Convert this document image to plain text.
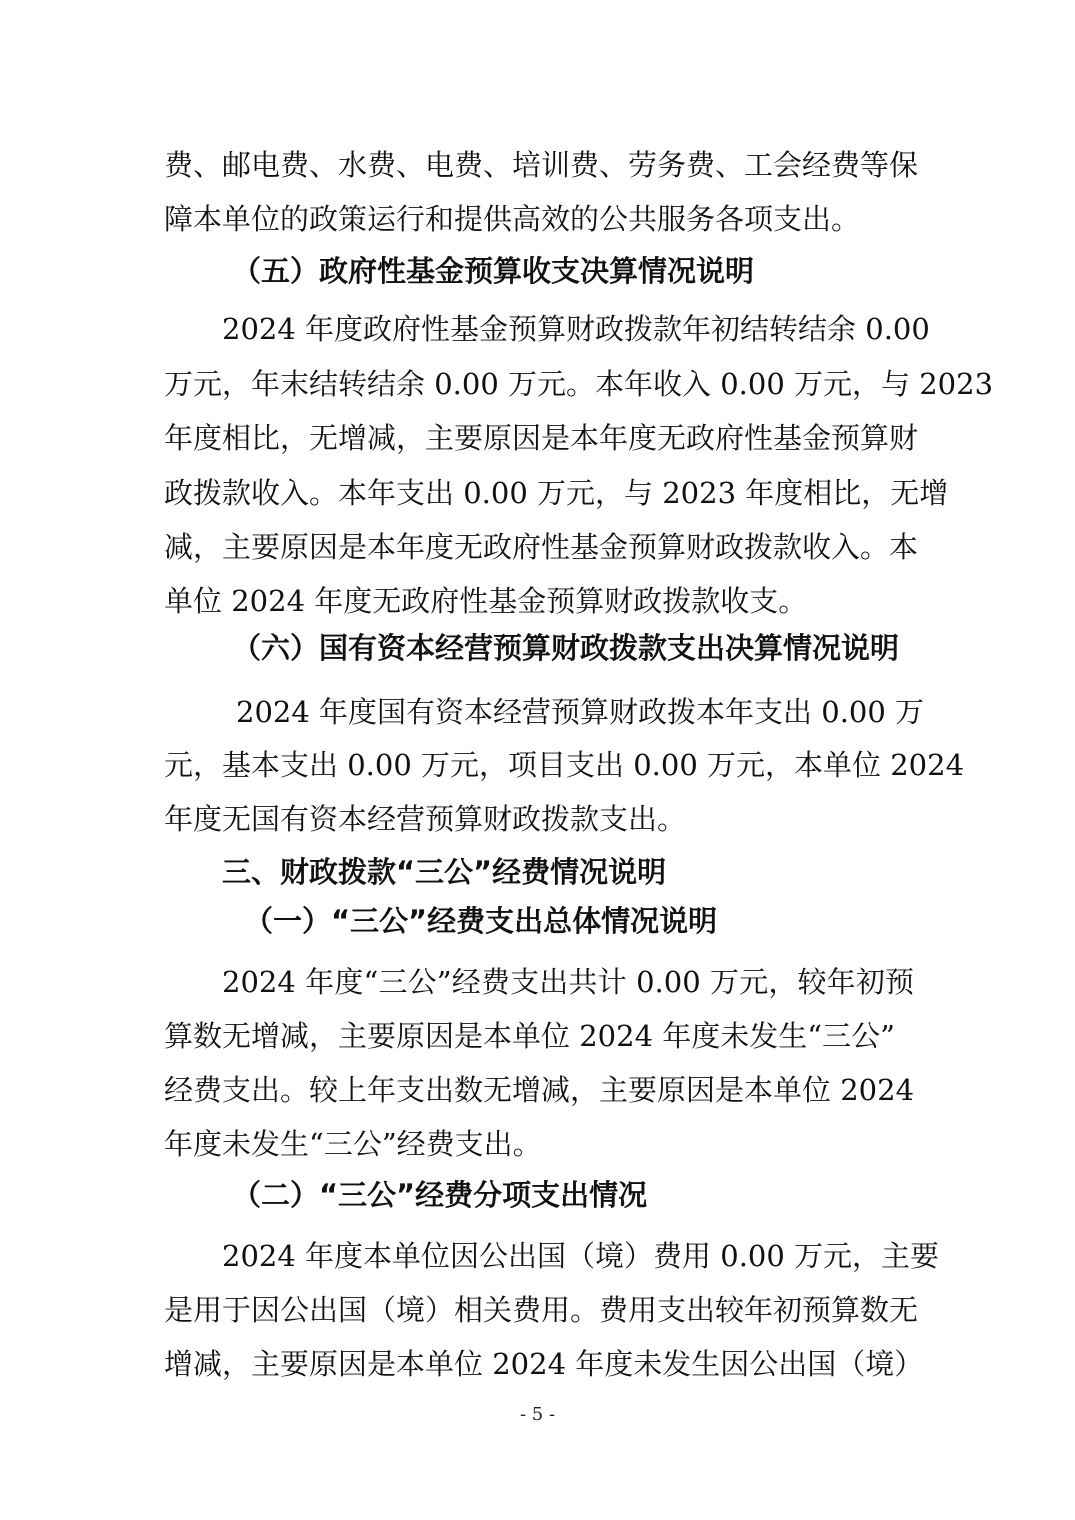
费、邮电费、水费、电费、培训费、劳务费、工会经费等保
障本单位的政策运行和提供高效的公共服务各项支出。
（五）政府性基金预算收支决算情况说明
2024 年度政府性基金预算财政拨款年初结转结余 0.00
万元，年末结转结余 0.00 万元。本年收入 0.00 万元，与 2023
年度相比，无增减，主要原因是本年度无政府性基金预算财
政拨款收入。本年支出 0.00 万元，与 2023 年度相比，无增
减，主要原因是本年度无政府性基金预算财政拨款收入。本
单位 2024 年度无政府性基金预算财政拨款收支。
（六）国有资本经营预算财政拨款支出决算情况说明
2024 年度国有资本经营预算财政拨本年支出 0.00 万
元，基本支出 0.00 万元，项目支出 0.00 万元，本单位 2024
年度无国有资本经营预算财政拨款支出。
三、财政拨款“三公”经费情况说明
（一）“三公”经费支出总体情况说明
2024 年度“三公”经费支出共计 0.00 万元，较年初预
算数无增减，主要原因是本单位 2024 年度未发生“三公”
经费支出。较上年支出数无增减，主要原因是本单位 2024
年度未发生“三公”经费支出。
（二）“三公”经费分项支出情况
2024 年度本单位因公出国（境）费用 0.00 万元，主要
是用于因公出国（境）相关费用。费用支出较年初预算数无
增减，主要原因是本单位 2024 年度未发生因公出国（境）
- 5 -
